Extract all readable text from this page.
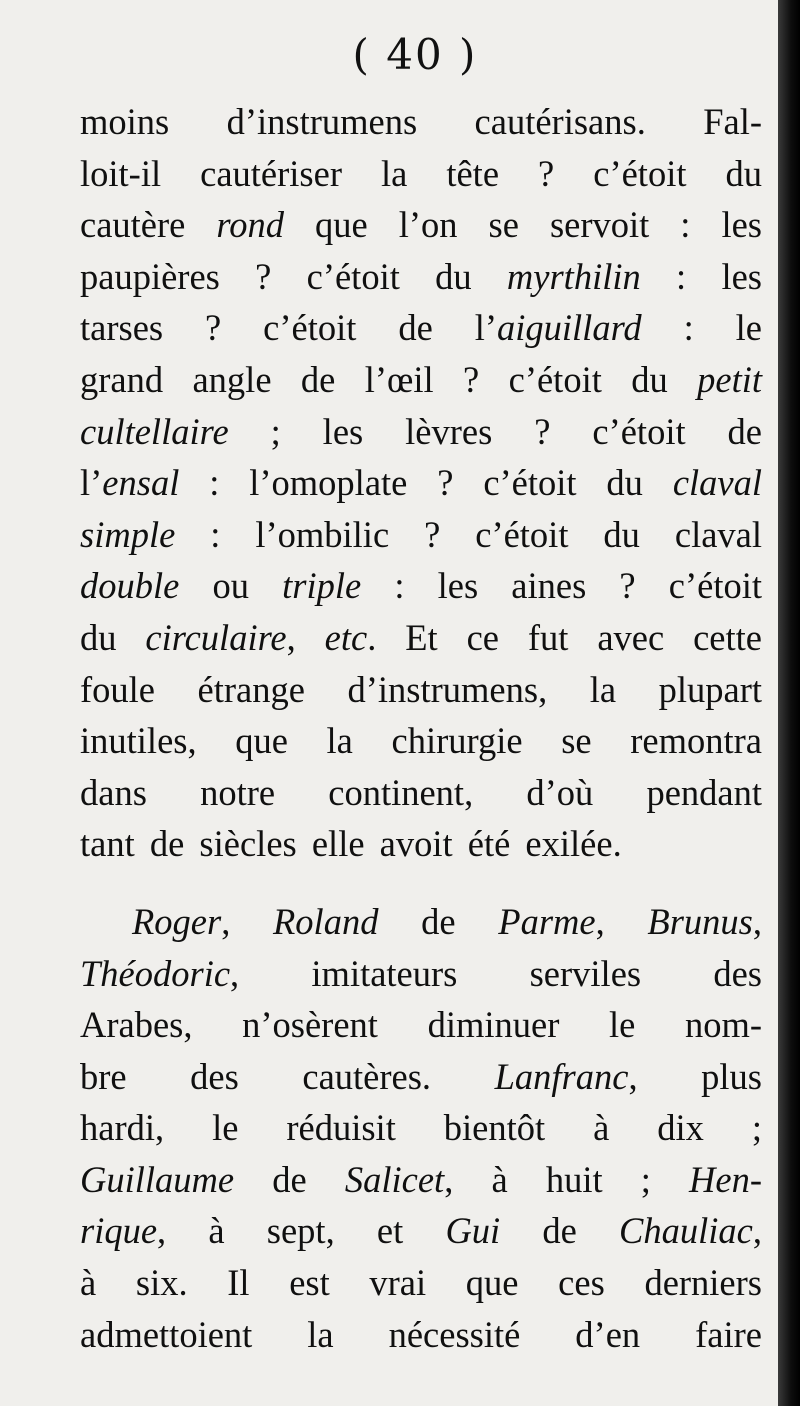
( 40 )
moins d’instrumens cautérisans. Fal-
loit-il cautériser la tête ? c’étoit du
cautère rond que l’on se servoit : les
paupières ? c’étoit du myrthilin : les
tarses ? c’étoit de l’aiguillard : le
grand angle de l’œil ? c’étoit du petit
cultellaire ; les lèvres ? c’étoit de
l’ensal : l’omoplate ? c’étoit du claval
simple : l’ombilic ? c’étoit du claval
double ou triple : les aines ? c’étoit
du circulaire, etc. Et ce fut avec cette
foule étrange d’instrumens, la plupart
inutiles, que la chirurgie se remontra
dans notre continent, d’où pendant
tant de siècles elle avoit été exilée.
Roger, Roland de Parme, Brunus,
Théodoric, imitateurs serviles des
Arabes, n’osèrent diminuer le nom-
bre des cautères. Lanfranc, plus
hardi, le réduisit bientôt à dix ;
Guillaume de Salicet, à huit ; Hen-
rique, à sept, et Gui de Chauliac,
à six. Il est vrai que ces derniers
admettoient la nécessité d’en faire
